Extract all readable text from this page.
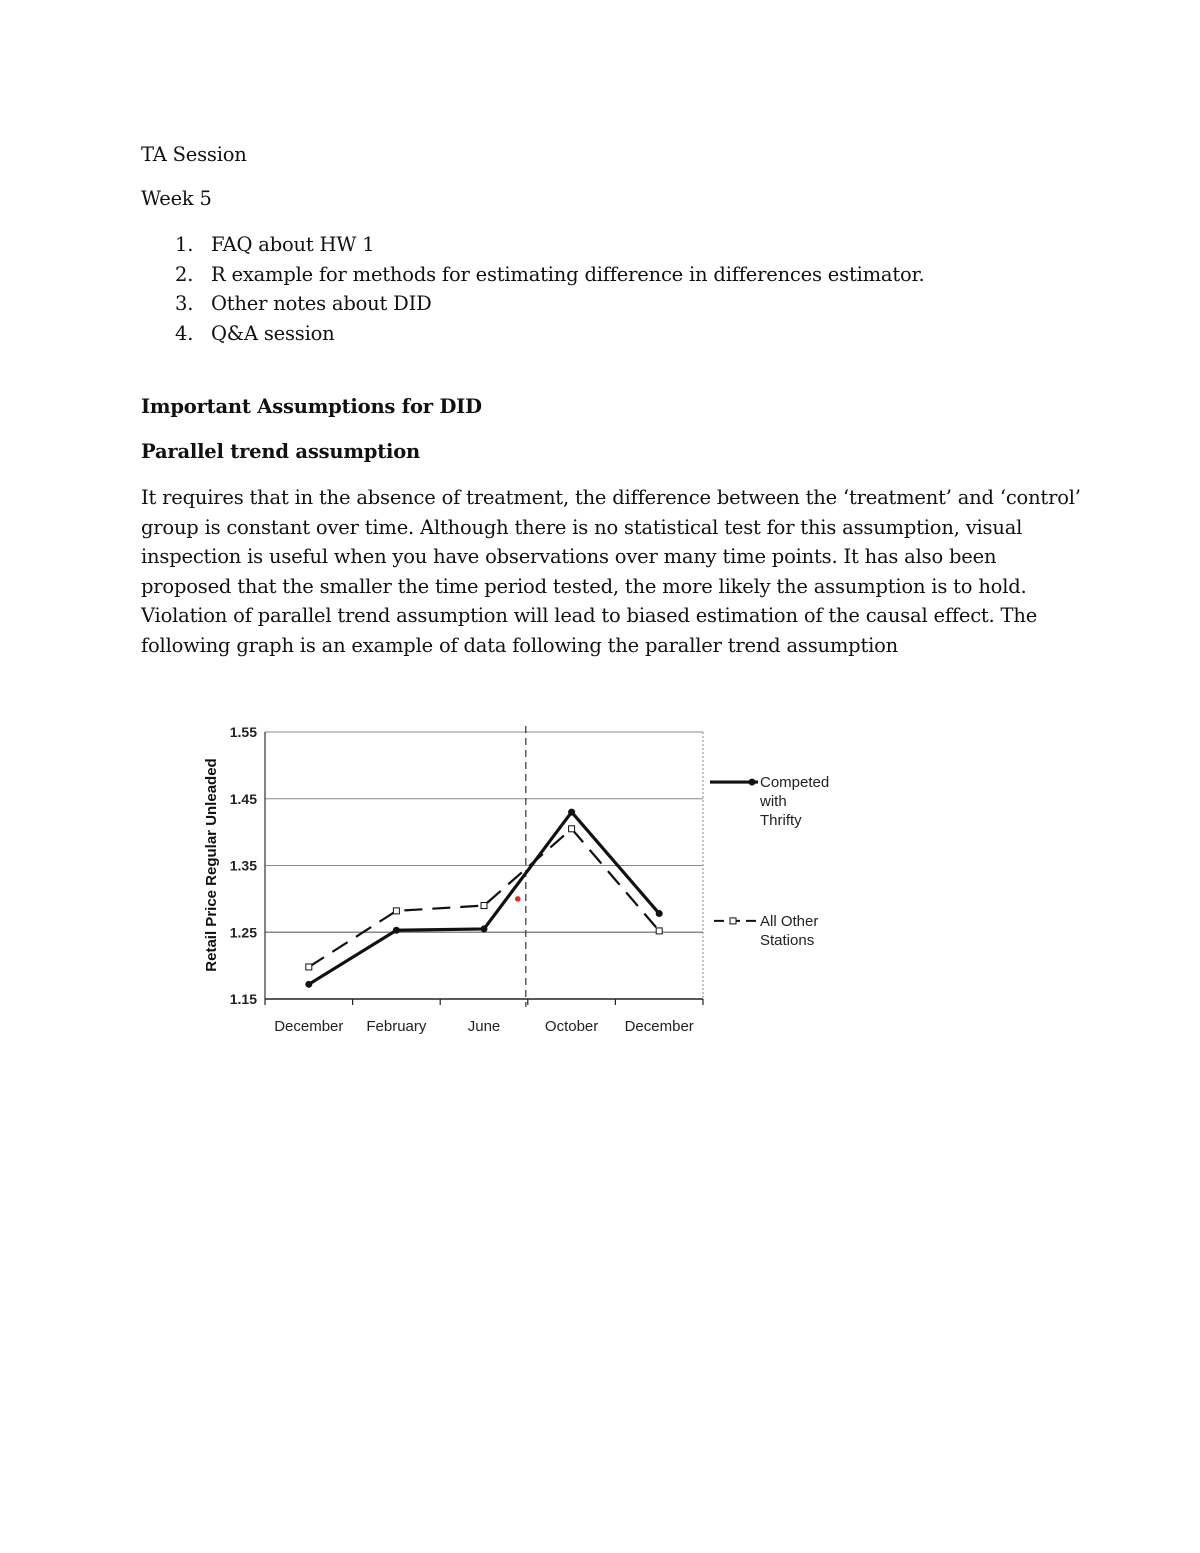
TA Session
Week 5
1. FAQ about HW 1
2. R example for methods for estimating difference in differences estimator.
3. Other notes about DID
4. Q&A session
Important Assumptions for DID
Parallel trend assumption
It requires that in the absence of treatment, the difference between the ‘treatment’ and ‘control’
group is constant over time. Although there is no statistical test for this assumption, visual
inspection is useful when you have observations over many time points. It has also been
proposed that the smaller the time period tested, the more likely the assumption is to hold.
Violation of parallel trend assumption will lead to biased estimation of the causal effect. The
following graph is an example of data following the paraller trend assumption
Retail Price Regular Unleaded
1.15
1.25
1.35
1.45
1.55
December February	June	October December
Competed
with
Thrifty
All Other
Stations
